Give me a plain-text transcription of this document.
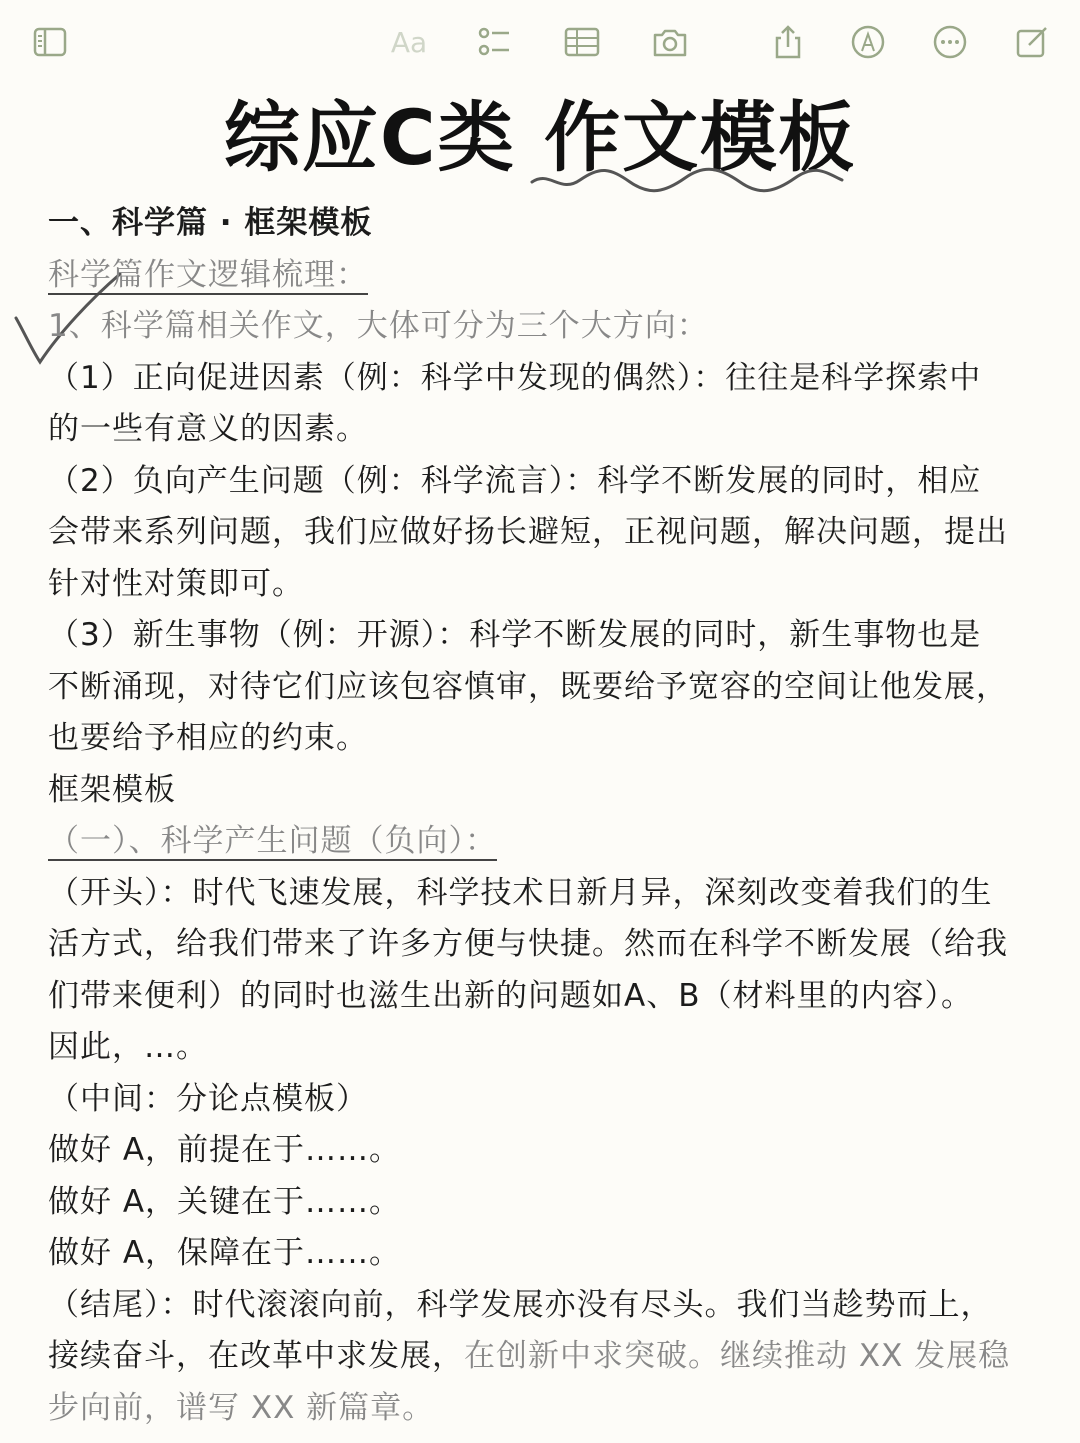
Aa
综应C类 作文模板
一、科学篇 · 框架模板
科学篇作文逻辑梳理：
1、科学篇相关作文，大体可分为三个大方向：
（1）正向促进因素（例：科学中发现的偶然）：往往是科学探索中
的一些有意义的因素。
（2）负向产生问题（例：科学流言）：科学不断发展的同时，相应
会带来系列问题，我们应做好扬长避短，正视问题，解决问题，提出
针对性对策即可。
（3）新生事物（例：开源）：科学不断发展的同时，新生事物也是
不断涌现，对待它们应该包容慎审，既要给予宽容的空间让他发展，
也要给予相应的约束。
框架模板
（一）、科学产生问题（负向）：
（开头）：时代飞速发展，科学技术日新月异，深刻改变着我们的生
活方式，给我们带来了许多方便与快捷。然而在科学不断发展（给我
们带来便利）的同时也滋生出新的问题如A、B（材料里的内容）。
因此，…。
（中间：分论点模板）
做好 A，前提在于……。
做好 A，关键在于……。
做好 A，保障在于……。
（结尾）：时代滚滚向前，科学发展亦没有尽头。我们当趁势而上，
接续奋斗，在改革中求发展，在创新中求突破。继续推动 XX 发展稳
步向前，谱写 XX 新篇章。
